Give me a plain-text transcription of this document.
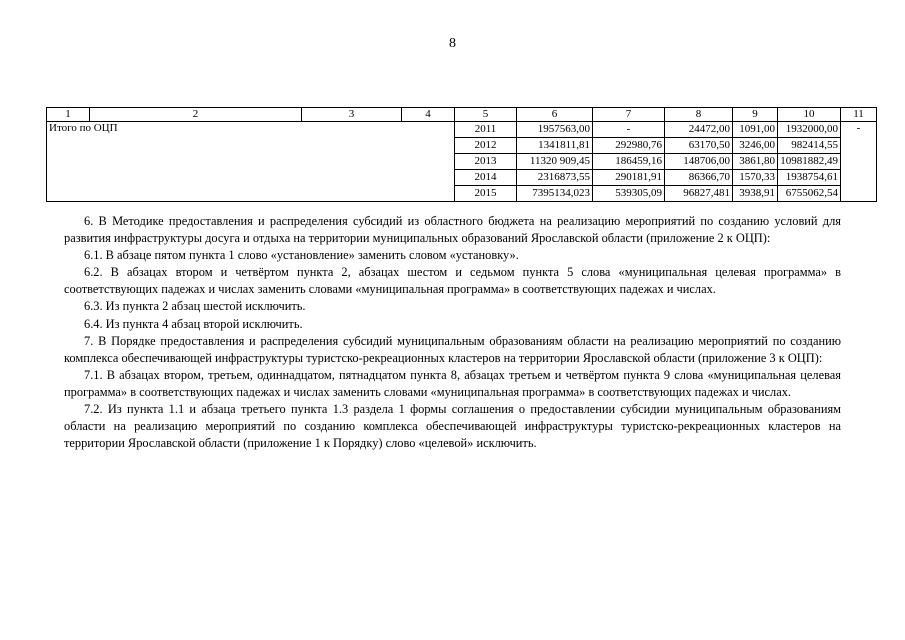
8
1	2	3	4	5	6	7	8	9	10	11
Итого по ОЦП				2011	1957563,00	-	24472,00	1091,00	1932000,00	-
				2012	1341811,81	292980,76	63170,50	3246,00	982414,55	
				2013	11320 909,45	186459,16	148706,00	3861,80	10981882,49	
				2014	2316873,55	290181,91	86366,70	1570,33	1938754,61	
				2015	7395134,023	539305,09	96827,481	3938,91	6755062,54	

6. В Методике предоставления и распределения субсидий из областного бюджета на реализацию мероприятий по созданию условий для развития инфраструктуры досуга и отдыха на территории муниципальных образований Ярославской области (приложение 2 к ОЦП):

6.1. В абзаце пятом пункта 1 слово «установление» заменить словом «установку».

6.2. В абзацах втором и четвёртом пункта 2, абзацах шестом и седьмом пункта 5 слова «муниципальная целевая программа» в соответствующих падежах и числах заменить словами «муниципальная программа» в соответствующих падежах и числах.

6.3. Из пункта 2 абзац шестой исключить.

6.4. Из пункта 4 абзац второй исключить.

7. В Порядке предоставления и распределения субсидий муниципальным образованиям области на реализацию мероприятий по созданию комплекса обеспечивающей инфраструктуры туристско-рекреационных кластеров на территории Ярославской области (приложение 3 к ОЦП):

7.1. В абзацах втором, третьем, одиннадцатом, пятнадцатом пункта 8, абзацах третьем и четвёртом пункта 9 слова «муниципальная целевая программа» в соответствующих падежах и числах заменить словами «муниципальная программа» в соответствующих падежах и числах.

7.2. Из пункта 1.1 и абзаца третьего пункта 1.3 раздела 1 формы соглашения о предоставлении субсидии муниципальным образованиям области на реализацию мероприятий по созданию комплекса обеспечивающей инфраструктуры туристско-рекреационных кластеров на территории Ярославской области (приложение 1 к Порядку) слово «целевой» исключить.
